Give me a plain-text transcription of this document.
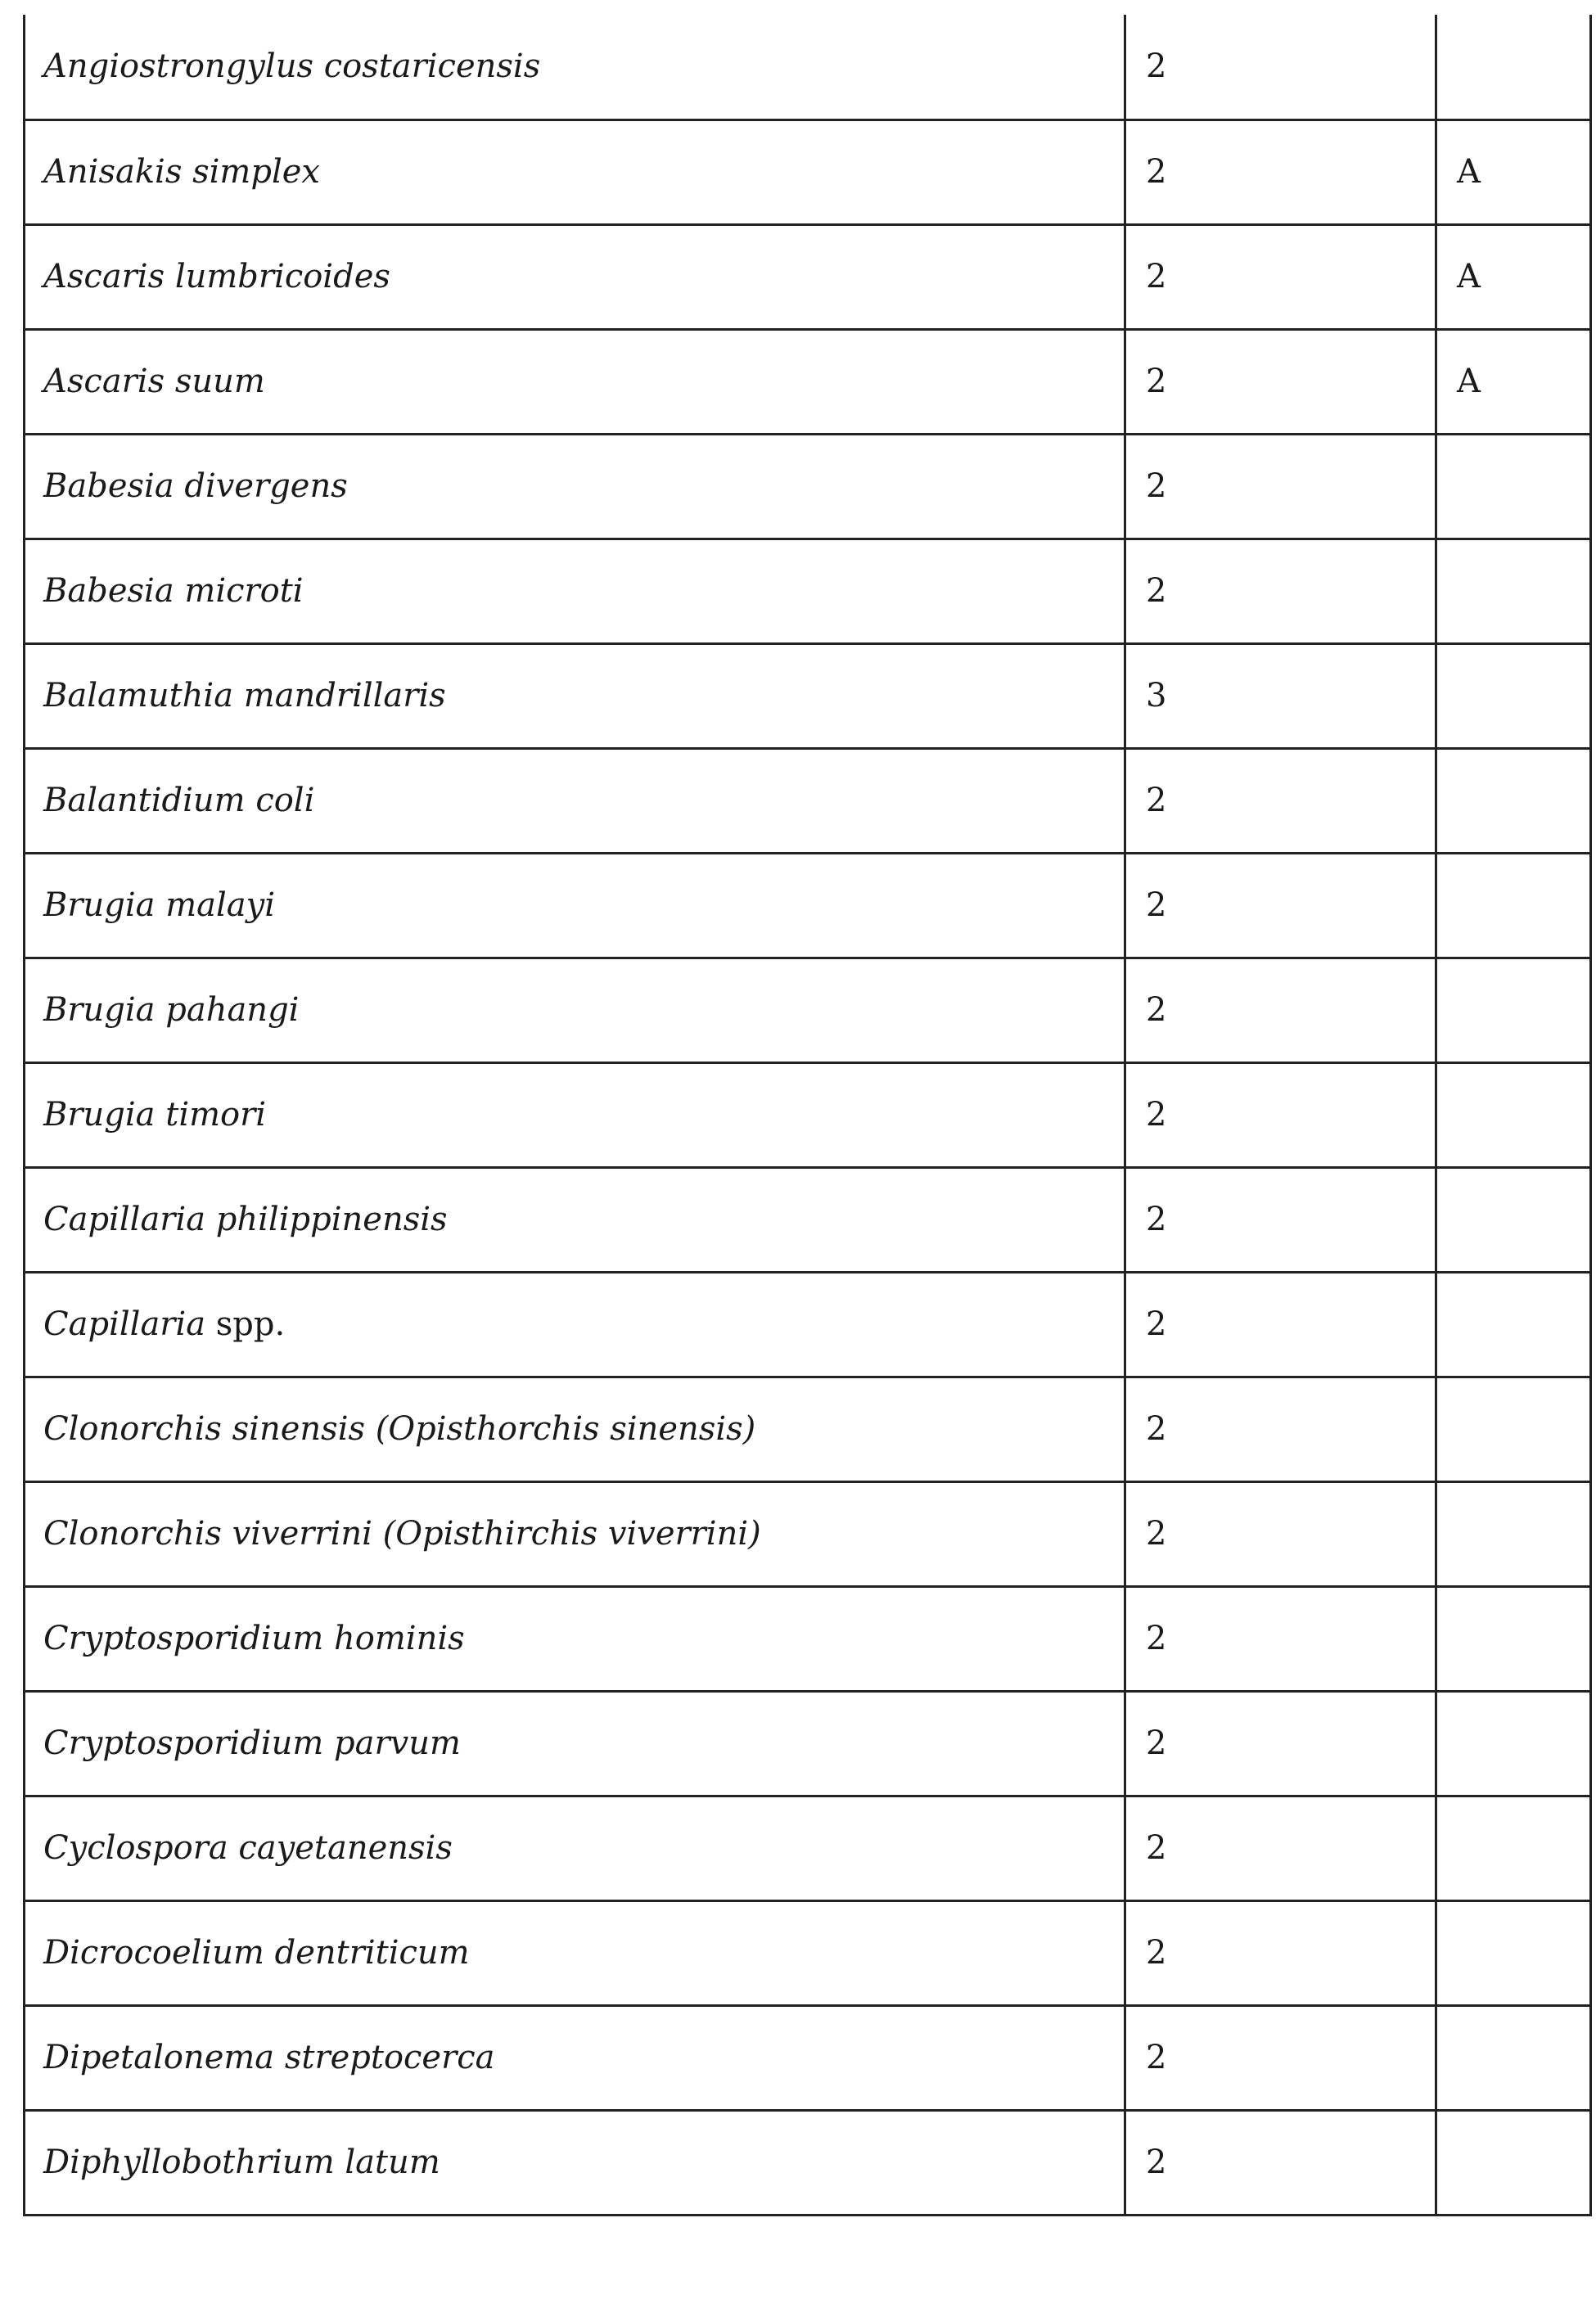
Angiostrongylus costaricensis	2	
Anisakis simplex	2	A
Ascaris lumbricoides	2	A
Ascaris suum	2	A
Babesia divergens	2	
Babesia microti	2	
Balamuthia mandrillaris	3	
Balantidium coli	2	
Brugia malayi	2	
Brugia pahangi	2	
Brugia timori	2	
Capillaria philippinensis	2	
Capillaria spp.	2	
Clonorchis sinensis (Opisthorchis sinensis)	2	
Clonorchis viverrini (Opisthirchis viverrini)	2	
Cryptosporidium hominis	2	
Cryptosporidium parvum	2	
Cyclospora cayetanensis	2	
Dicrocoelium dentriticum	2	
Dipetalonema streptocerca	2	
Diphyllobothrium latum	2	
